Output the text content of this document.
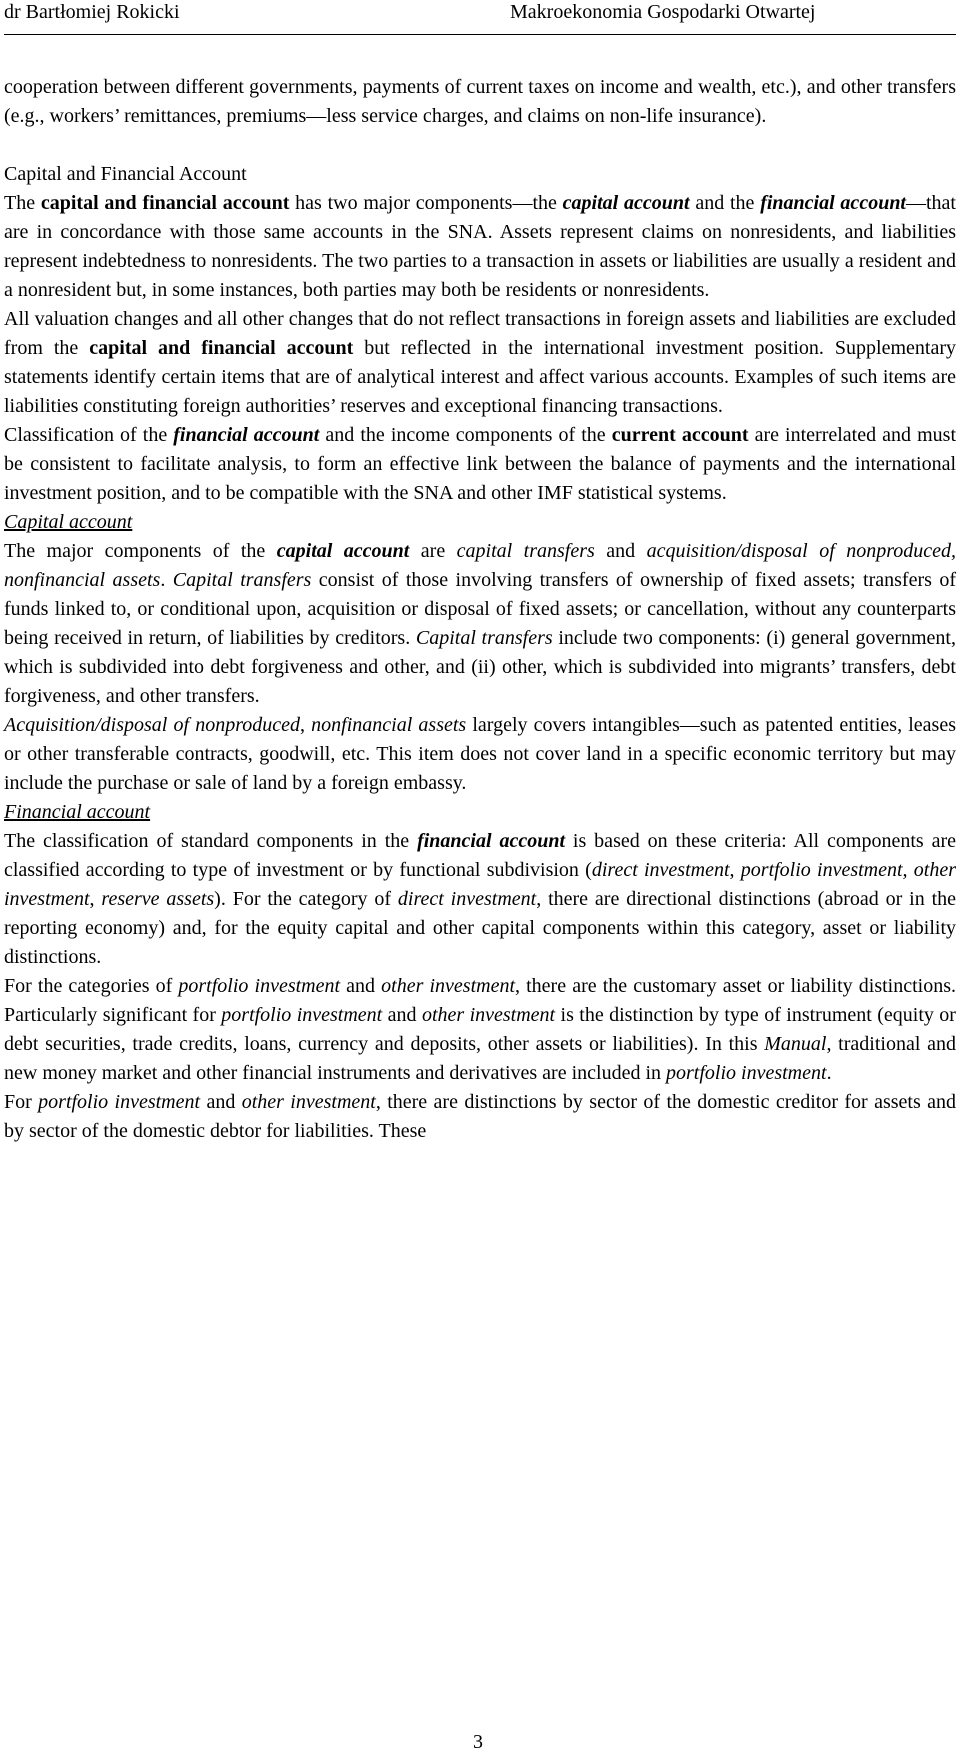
dr Bartłomiej Rokicki	Makroekonomia Gospodarki Otwartej

cooperation between different governments, payments of current taxes on income and wealth, etc.), and other transfers (e.g., workers’ remittances, premiums—less service charges, and claims on non-life insurance).

Capital and Financial Account

The capital and financial account has two major components—the capital account and the financial account—that are in concordance with those same accounts in the SNA. Assets represent claims on nonresidents, and liabilities represent indebtedness to nonresidents. The two parties to a transaction in assets or liabilities are usually a resident and a nonresident but, in some instances, both parties may both be residents or nonresidents.

All valuation changes and all other changes that do not reflect transactions in foreign assets and liabilities are excluded from the capital and financial account but reflected in the international investment position. Supplementary statements identify certain items that are of analytical interest and affect various accounts. Examples of such items are liabilities constituting foreign authorities’ reserves and exceptional financing transactions.

Classification of the financial account and the income components of the current account are interrelated and must be consistent to facilitate analysis, to form an effective link between the balance of payments and the international investment position, and to be compatible with the SNA and other IMF statistical systems.

Capital account

The major components of the capital account are capital transfers and acquisition/disposal of nonproduced, nonfinancial assets. Capital transfers consist of those involving transfers of ownership of fixed assets; transfers of funds linked to, or conditional upon, acquisition or disposal of fixed assets; or cancellation, without any counterparts being received in return, of liabilities by creditors. Capital transfers include two components: (i) general government, which is subdivided into debt forgiveness and other, and (ii) other, which is subdivided into migrants’ transfers, debt forgiveness, and other transfers.

Acquisition/disposal of nonproduced, nonfinancial assets largely covers intangibles—such as patented entities, leases or other transferable contracts, goodwill, etc. This item does not cover land in a specific economic territory but may include the purchase or sale of land by a foreign embassy.

Financial account

The classification of standard components in the financial account is based on these criteria: All components are classified according to type of investment or by functional subdivision (direct investment, portfolio investment, other investment, reserve assets). For the category of direct investment, there are directional distinctions (abroad or in the reporting economy) and, for the equity capital and other capital components within this category, asset or liability distinctions.

For the categories of portfolio investment and other investment, there are the customary asset or liability distinctions. Particularly significant for portfolio investment and other investment is the distinction by type of instrument (equity or debt securities, trade credits, loans, currency and deposits, other assets or liabilities). In this Manual, traditional and new money market and other financial instruments and derivatives are included in portfolio investment.

For portfolio investment and other investment, there are distinctions by sector of the domestic creditor for assets and by sector of the domestic debtor for liabilities. These

3
